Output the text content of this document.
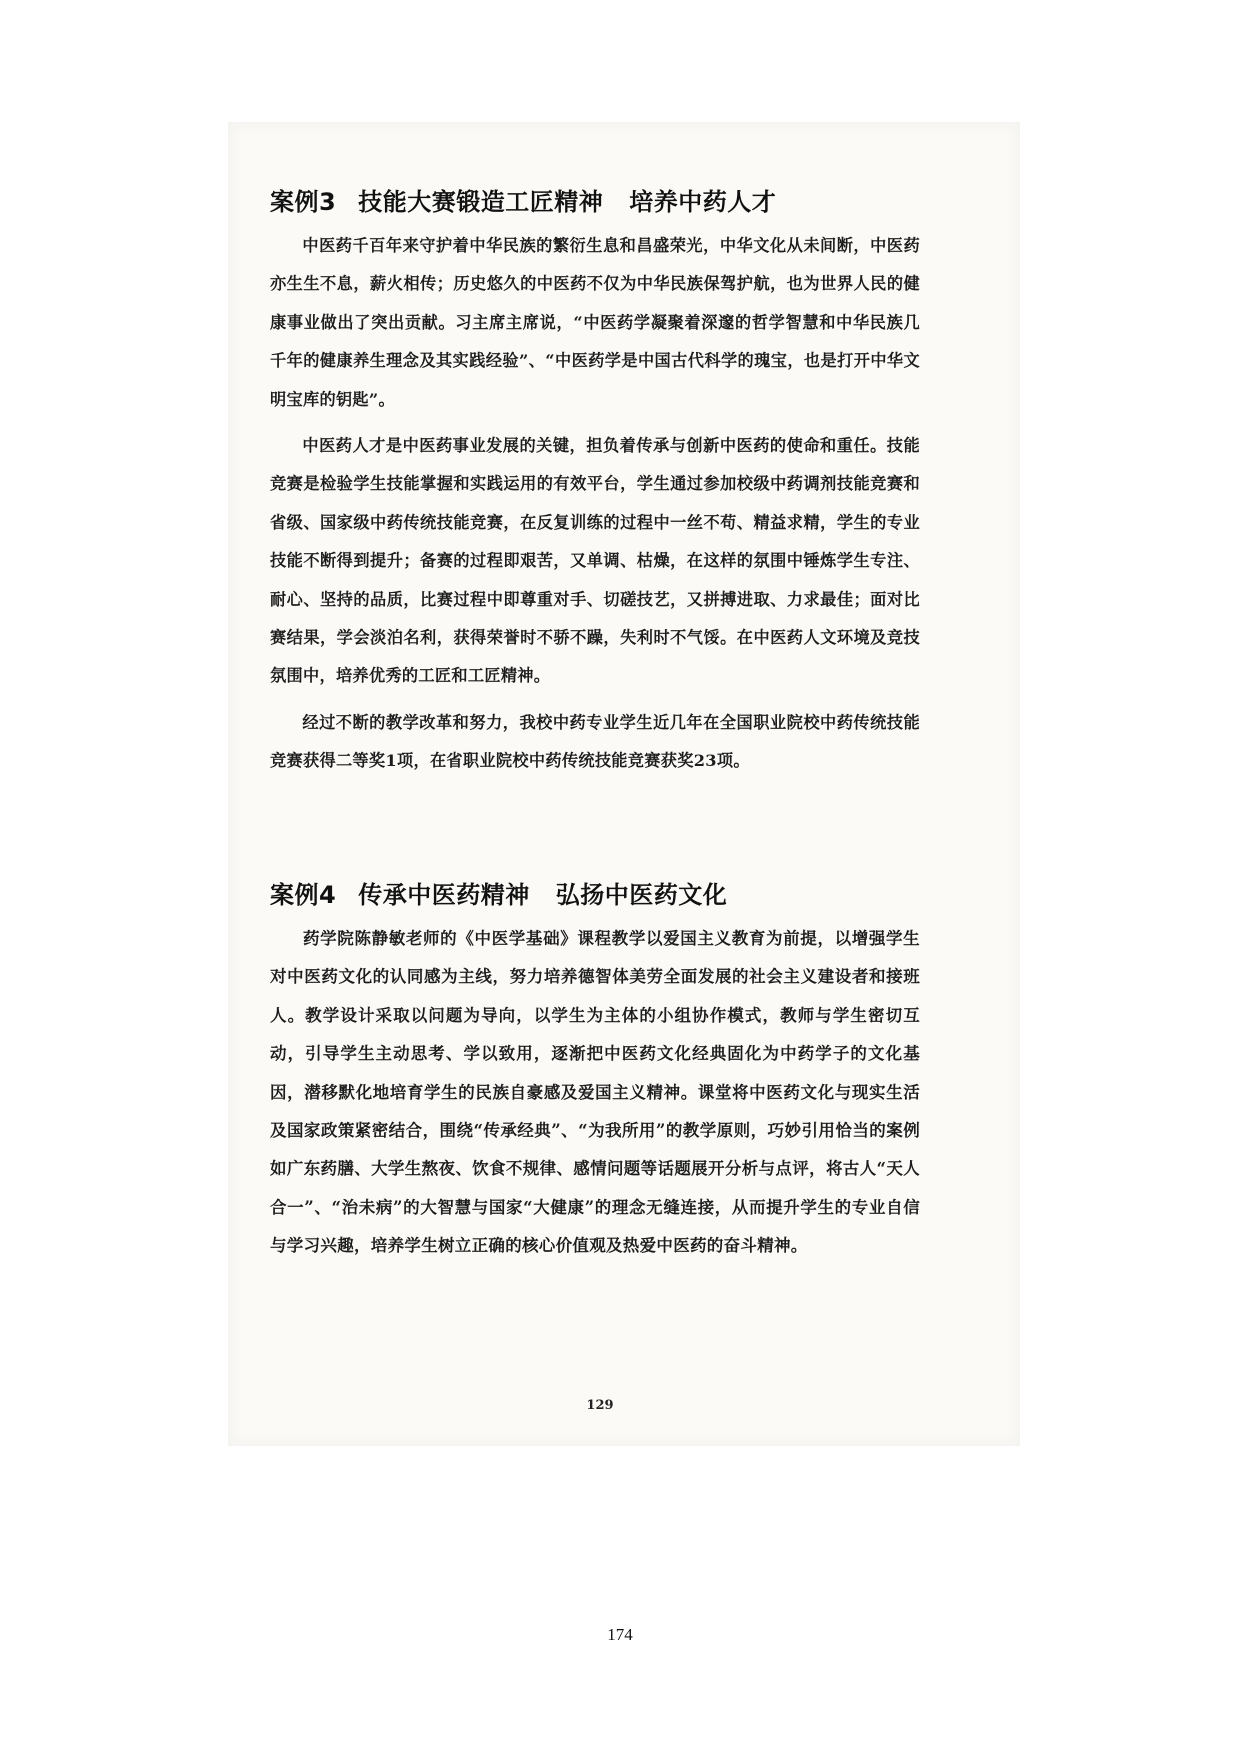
案例3 技能大赛锻造工匠精神 培养中药人才

中医药千百年来守护着中华民族的繁衍生息和昌盛荣光，中华文化从未间断，中医药亦生生不息，薪火相传；历史悠久的中医药不仅为中华民族保驾护航，也为世界人民的健康事业做出了突出贡献。习主席主席说，“中医药学凝聚着深邃的哲学智慧和中华民族几千年的健康养生理念及其实践经验”、“中医药学是中国古代科学的瑰宝，也是打开中华文明宝库的钥匙”。

中医药人才是中医药事业发展的关键，担负着传承与创新中医药的使命和重任。技能竞赛是检验学生技能掌握和实践运用的有效平台，学生通过参加校级中药调剂技能竞赛和省级、国家级中药传统技能竞赛，在反复训练的过程中一丝不苟、精益求精，学生的专业技能不断得到提升；备赛的过程即艰苦，又单调、枯燥，在这样的氛围中锤炼学生专注、耐心、坚持的品质，比赛过程中即尊重对手、切磋技艺，又拼搏进取、力求最佳；面对比赛结果，学会淡泊名利，获得荣誉时不骄不躁，失利时不气馁。在中医药人文环境及竞技氛围中，培养优秀的工匠和工匠精神。

经过不断的教学改革和努力，我校中药专业学生近几年在全国职业院校中药传统技能竞赛获得二等奖1项，在省职业院校中药传统技能竞赛获奖23项。

案例4 传承中医药精神 弘扬中医药文化

药学院陈静敏老师的《中医学基础》课程教学以爱国主义教育为前提，以增强学生对中医药文化的认同感为主线，努力培养德智体美劳全面发展的社会主义建设者和接班人。教学设计采取以问题为导向，以学生为主体的小组协作模式，教师与学生密切互动，引导学生主动思考、学以致用，逐渐把中医药文化经典固化为中药学子的文化基因，潜移默化地培育学生的民族自豪感及爱国主义精神。课堂将中医药文化与现实生活及国家政策紧密结合，围绕“传承经典”、“为我所用”的教学原则，巧妙引用恰当的案例如广东药膳、大学生熬夜、饮食不规律、感情问题等话题展开分析与点评，将古人“天人合一”、“治未病”的大智慧与国家“大健康”的理念无缝连接，从而提升学生的专业自信与学习兴趣，培养学生树立正确的核心价值观及热爱中医药的奋斗精神。

129
174
